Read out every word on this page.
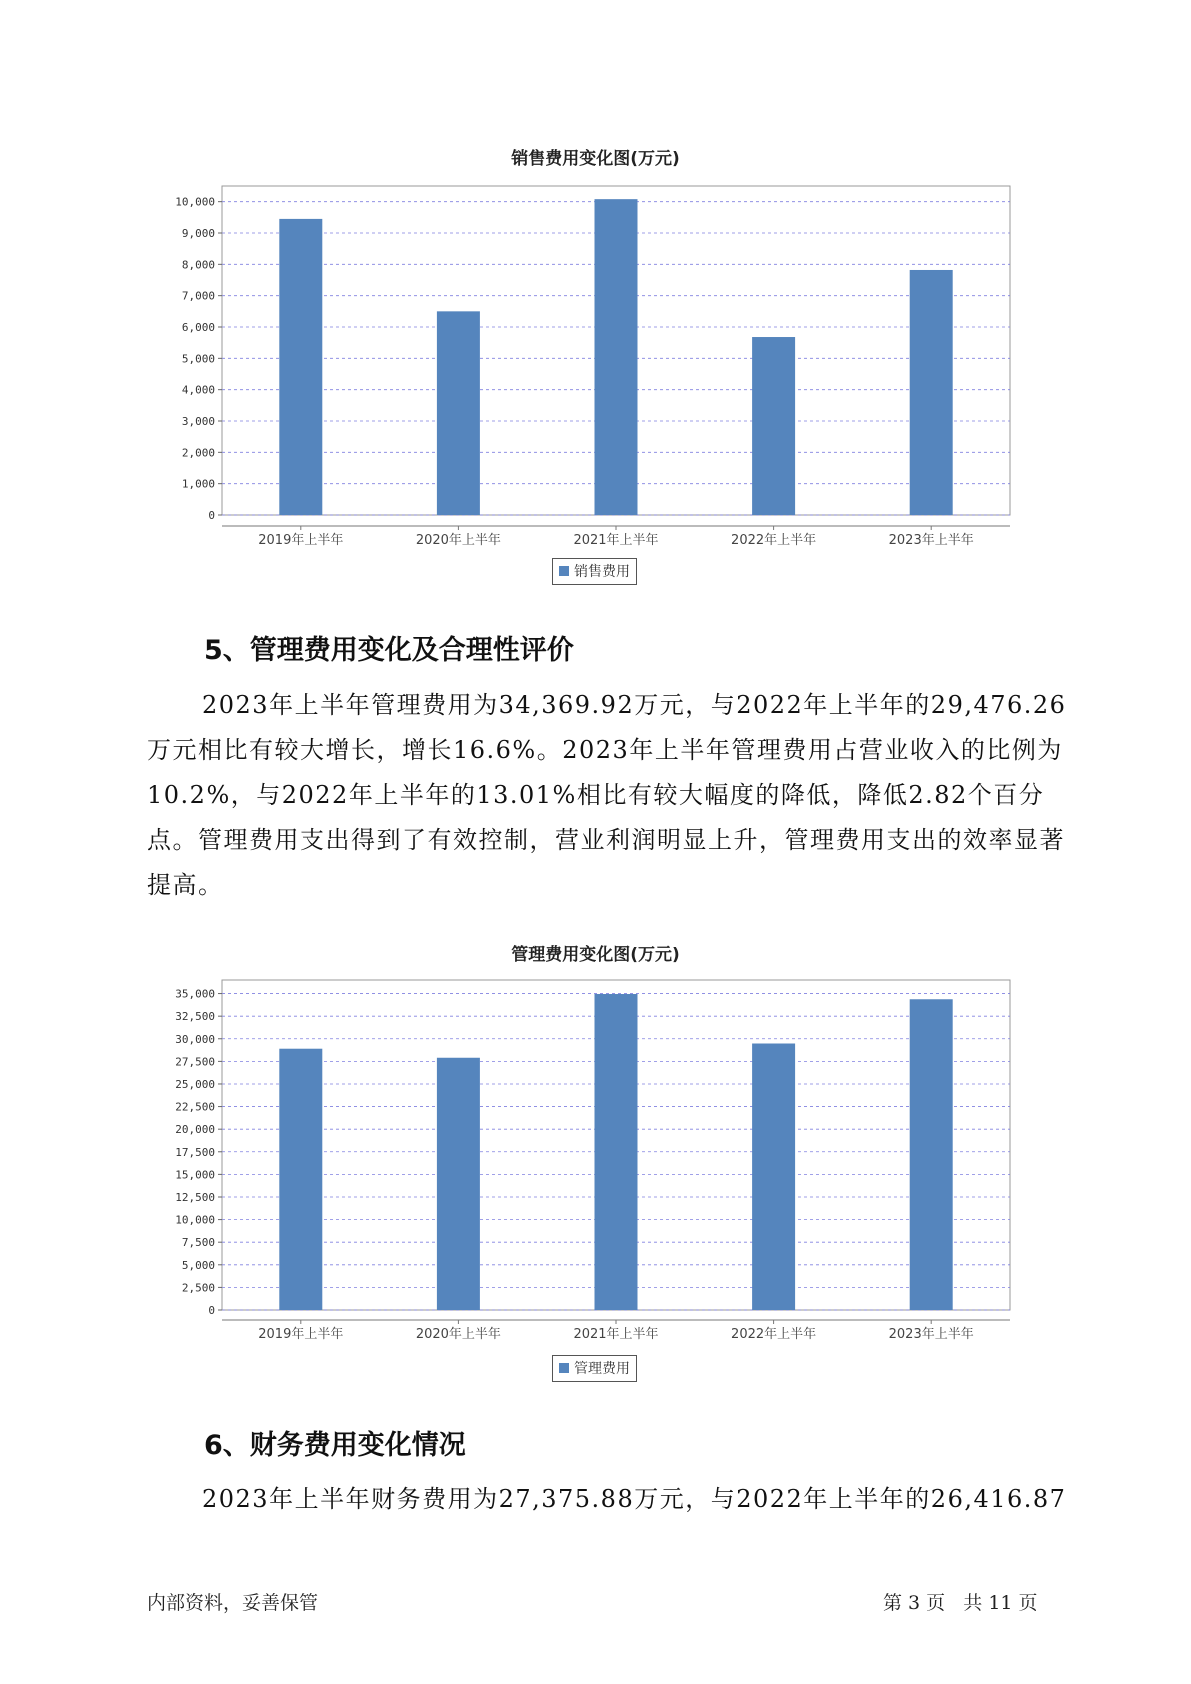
销售费用变化图(万元)
0
1,000
2,000
3,000
4,000
5,000
6,000
7,000
8,000
9,000
10,000
2019年上半年	2020年上半年	2021年上半年	2022年上半年	2023年上半年
销售费用
5、管理费用变化及合理性评价
2023年上半年管理费用为34,369.92万元，与2022年上半年的29,476.26万元相比有较大增长，增长16.6%。2023年上半年管理费用占营业收入的比例为10.2%，与2022年上半年的13.01%相比有较大幅度的降低，降低2.82个百分点。管理费用支出得到了有效控制，营业利润明显上升，管理费用支出的效率显著提高。
管理费用变化图(万元)
0
2,500
5,000
7,500
10,000
12,500
15,000
17,500
20,000
22,500
25,000
27,500
30,000
32,500
35,000
2019年上半年	2020年上半年	2021年上半年	2022年上半年	2023年上半年
管理费用
6、财务费用变化情况
2023年上半年财务费用为27,375.88万元，与2022年上半年的26,416.87
内部资料，妥善保管	第 3 页   共 11 页
